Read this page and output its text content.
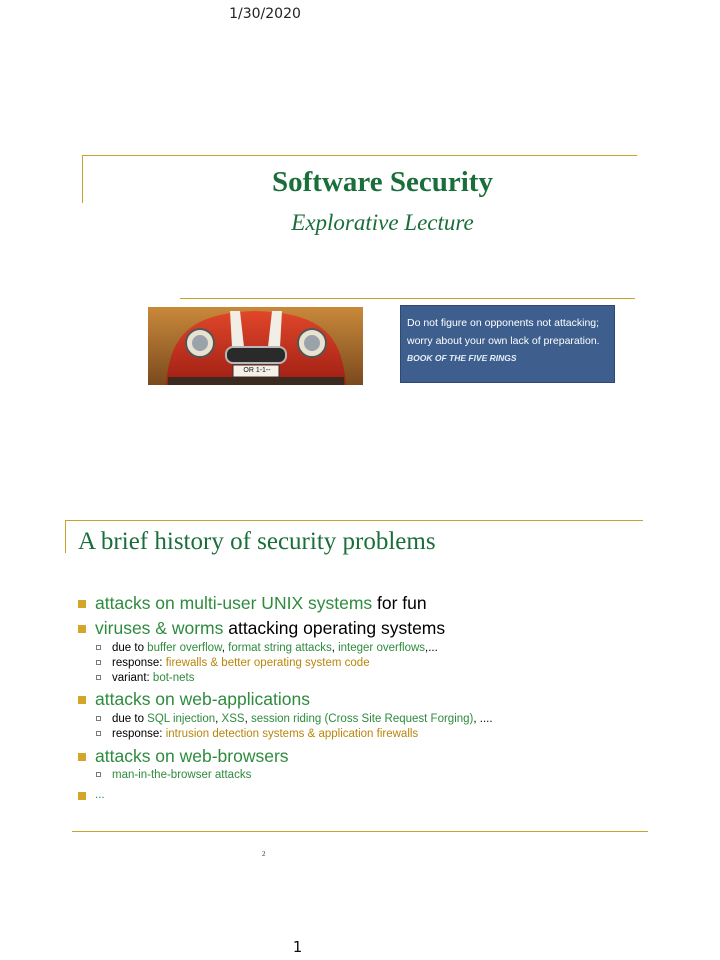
1/30/2020
Software Security
Explorative Lecture
OR 1-1--
Do not figure on opponents not attacking;
worry about your own lack of preparation.
BOOK OF THE FIVE RINGS
A brief history of security problems
attacks on multi-user UNIX systems for fun
viruses & worms attacking operating systems
due to buffer overflow, format string attacks, integer overflows,...
response: firewalls & better operating system code
variant: bot-nets
attacks on web-applications
due to SQL injection, XSS, session riding (Cross Site Request Forging), ....
response: intrusion detection systems & application firewalls
attacks on web-browsers
man-in-the-browser attacks
...
2
1
